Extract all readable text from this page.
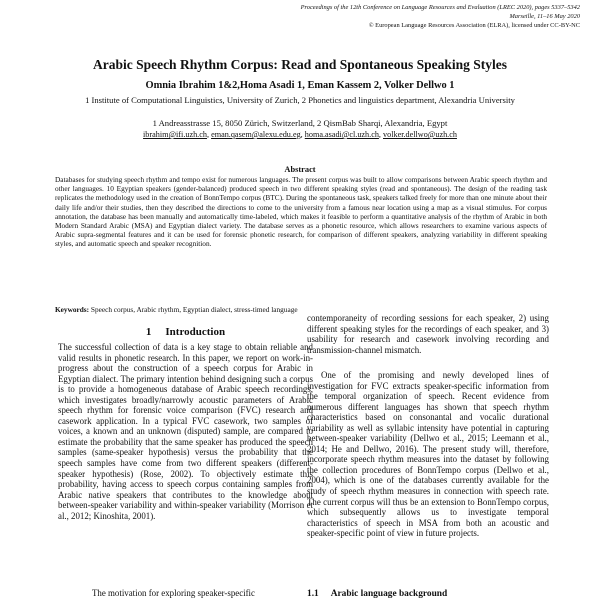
Proceedings of the 12th Conference on Language Resources and Evaluation (LREC 2020), pages 5337–5342
Marseille, 11–16 May 2020
© European Language Resources Association (ELRA), licensed under CC-BY-NC
Arabic Speech Rhythm Corpus: Read and Spontaneous Speaking Styles
Omnia Ibrahim 1&2,Homa Asadi 1, Eman Kassem 2, Volker Dellwo 1
1 Institute of Computational Linguistics, University of Zurich, 2 Phonetics and linguistics department, Alexandria University
1 Andreasstrasse 15, 8050 Zürich, Switzerland, 2 QismBab Sharqi, Alexandria, Egypt
ibrahim@ifi.uzh.ch, eman.qasem@alexu.edu.eg, homa.asadi@cl.uzh.ch, volker.dellwo@uzh.ch
Abstract

Databases for studying speech rhythm and tempo exist for numerous languages. The present corpus was built to allow comparisons between Arabic speech rhythm and other languages. 10 Egyptian speakers (gender-balanced) produced speech in two different speaking styles (read and spontaneous). The design of the reading task replicates the methodology used in the creation of BonnTempo corpus (BTC). During the spontaneous task, speakers talked freely for more than one minute about their daily life and/or their studies, then they described the directions to come to the university from a famous near location using a map as a visual stimulus. For corpus annotation, the database has been manually and automatically time-labeled, which makes it feasible to perform a quantitative analysis of the rhythm of Arabic in both Modern Standard Arabic (MSA) and Egyptian dialect variety. The database serves as a phonetic resource, which allows researchers to examine various aspects of Arabic supra-segmental features and it can be used for forensic phonetic research, for comparison of different speakers, analyzing variability in different speaking styles, and automatic speech and speaker recognition.

Keywords: Speech corpus, Arabic rhythm, Egyptian dialect, stress-timed language

1 Introduction

The successful collection of data is a key stage to obtain reliable and valid results in phonetic research. In this paper, we report on work-in-progress about the construction of a speech corpus for Arabic in Egyptian dialect. The primary intention behind designing such a corpus is to provide a homogeneous database of Arabic speech recordings, which investigates broadly/narrowly acoustic parameters of Arabic speech rhythm for forensic voice comparison (FVC) research and casework application. In a typical FVC casework, two samples of voices, a known and an unknown (disputed) sample, are compared to estimate the probability that the same speaker has produced the speech samples (same-speaker hypothesis) versus the probability that the speech samples have come from two different speakers (different-speaker hypothesis) (Rose, 2002). To objectively estimate this probability, having access to speech corpus containing samples from Arabic native speakers that contributes to the knowledge about between-speaker variability and within-speaker variability (Morrison et al., 2012; Kinoshita, 2001).

The motivation for exploring speaker-specific

contemporaneity of recording sessions for each speaker, 2) using different speaking styles for the recordings of each speaker, and 3) usability for research and casework involving recording and transmission-channel mismatch.

One of the promising and newly developed lines of investigation for FVC extracts speaker-specific information from the temporal organization of speech. Recent evidence from numerous different languages has shown that speech rhythm characteristics based on consonantal and vocalic durational variability as well as syllabic intensity have potential in capturing between-speaker variability (Dellwo et al., 2015; Leemann et al., 2014; He and Dellwo, 2016). The present study will, therefore, incorporate speech rhythm measures into the dataset by following the collection procedures of BonnTempo corpus (Dellwo et al., 2004), which is one of the databases currently available for the study of speech rhythm measures in connection with speech rate. The current corpus will thus be an extension to BonnTempo corpus, which subsequently allows us to investigate temporal characteristics of speech in MSA from both an acoustic and speaker-specific point of view in future projects.

1.1 Arabic language background
